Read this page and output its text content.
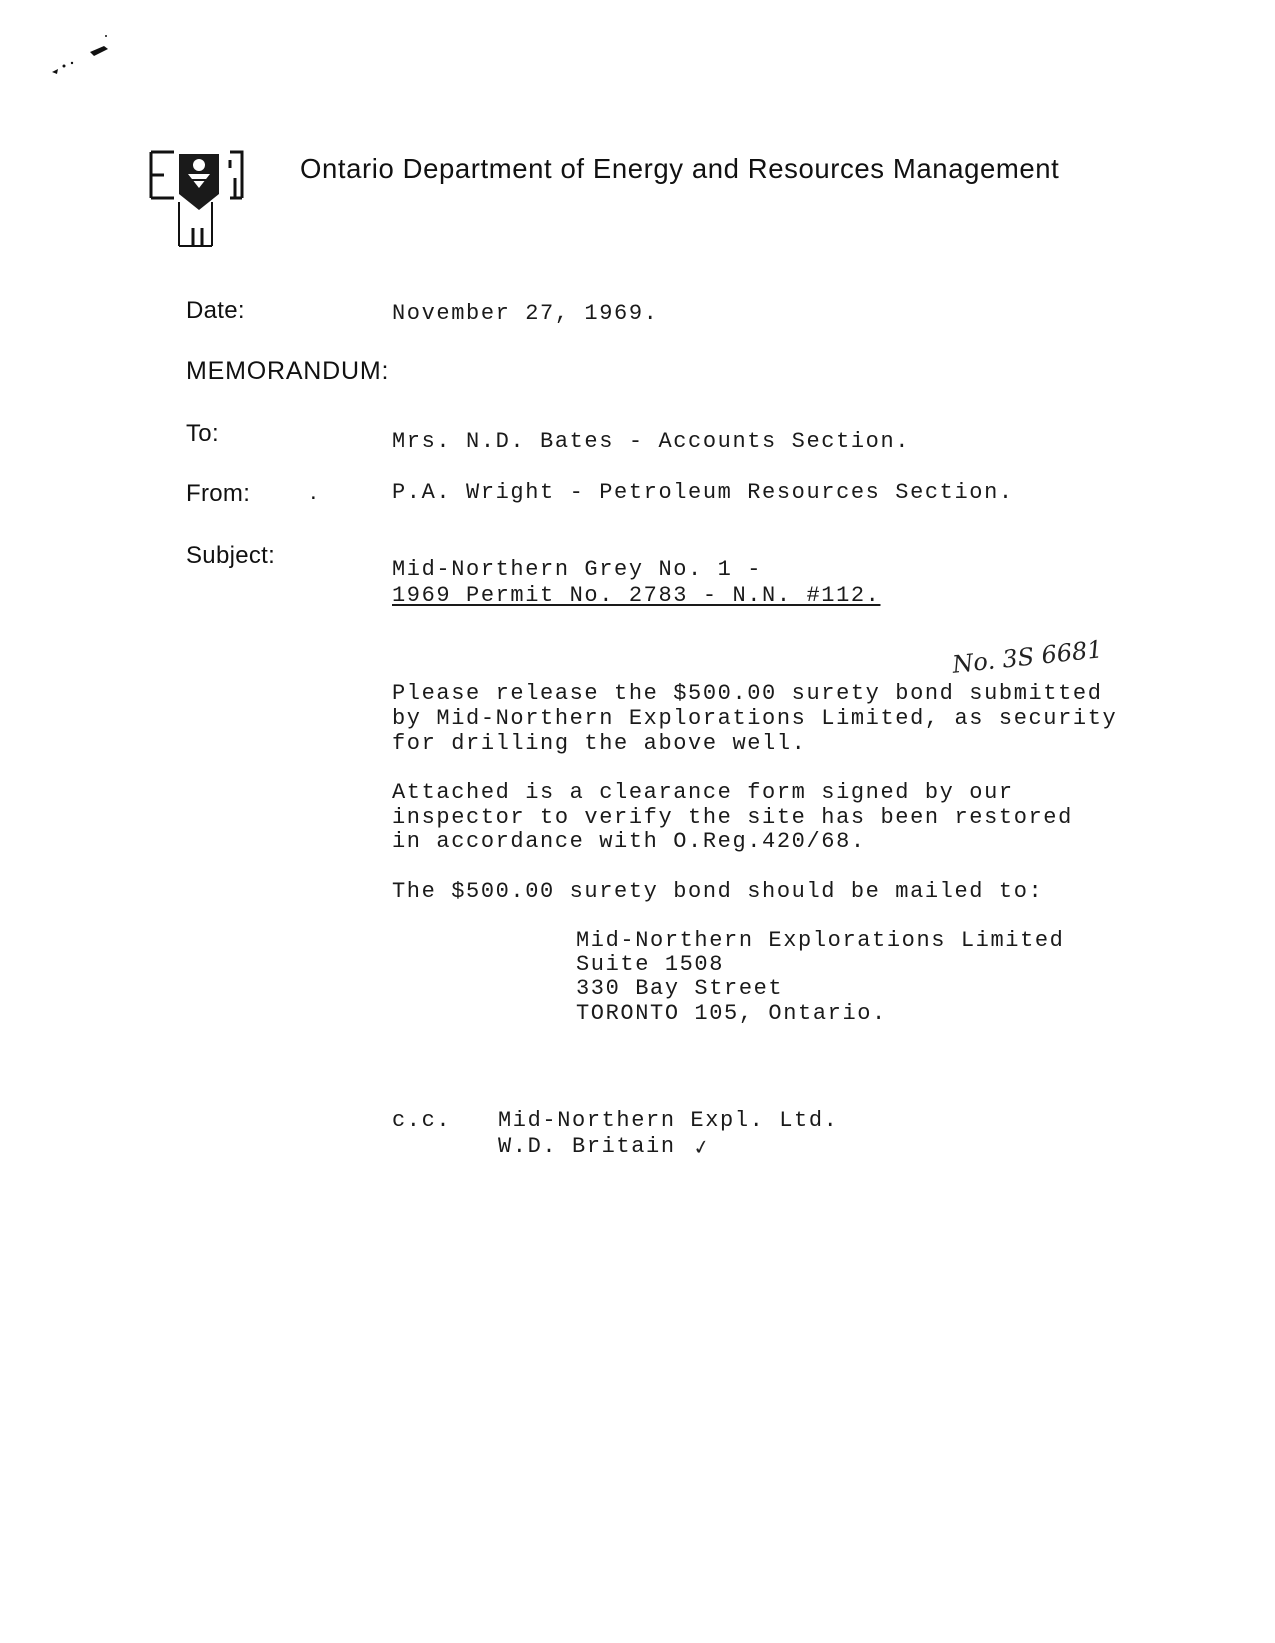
Ontario Department of Energy and Resources Management
Date:	November 27, 1969.
MEMORANDUM:
To:	Mrs. N.D. Bates - Accounts Section.
From: .	P.A. Wright - Petroleum Resources Section.
Subject:
Mid-Northern Grey No. 1 -
1969 Permit No. 2783 - N.N. #112.
No. 3S 6681
Please release the $500.00 surety bond submitted
by Mid-Northern Explorations Limited, as security
for drilling the above well.
Attached is a clearance form signed by our
inspector to verify the site has been restored
in accordance with O.Reg.420/68.
The $500.00 surety bond should be mailed to:
Mid-Northern Explorations Limited
Suite 1508
330 Bay Street
TORONTO 105, Ontario.
c.c. Mid-Northern Expl. Ltd.
W.D. Britain ✓
